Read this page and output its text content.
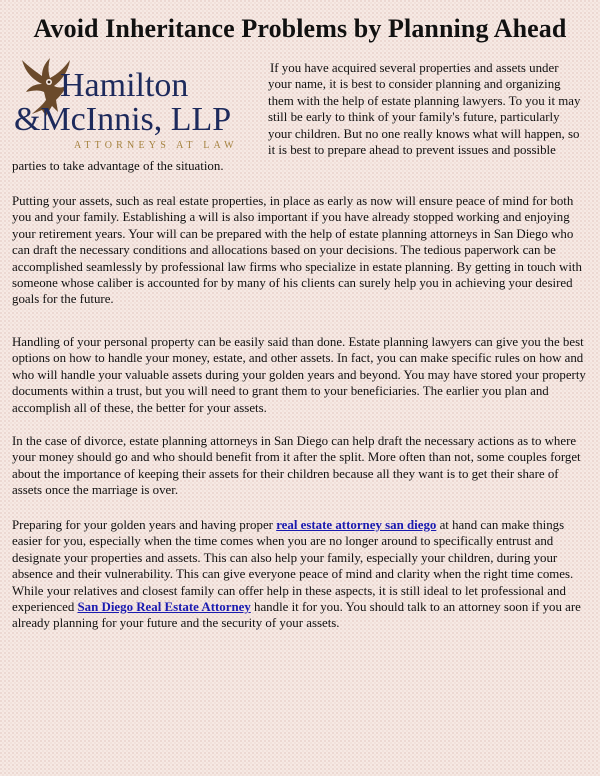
Avoid Inheritance Problems by Planning Ahead

If you have acquired several properties and assets under your name, it is best to consider planning and organizing them with the help of estate planning lawyers. To you it may still be early to think of your family's future, particularly your children. But no one really knows what will happen, so it is best to prepare ahead to prevent issues and possible parties to take advantage of the situation.

Hamilton
&McInnis, LLP
ATTORNEYS AT LAW

Putting your assets, such as real estate properties, in place as early as now will ensure peace of mind for both you and your family. Establishing a will is also important if you have already stopped working and enjoying your retirement years. Your will can be prepared with the help of estate planning attorneys in San Diego who can draft the necessary conditions and allocations based on your decisions. The tedious paperwork can be accomplished seamlessly by professional law firms who specialize in estate planning. By getting in touch with someone whose caliber is accounted for by many of his clients can surely help you in achieving your desired goals for the future.

Handling of your personal property can be easily said than done. Estate planning lawyers can give you the best options on how to handle your money, estate, and other assets. In fact, you can make specific rules on how and who will handle your valuable assets during your golden years and beyond. You may have stored your property documents within a trust, but you will need to grant them to your beneficiaries. The earlier you plan and accomplish all of these, the better for your assets.

In the case of divorce, estate planning attorneys in San Diego can help draft the necessary actions as to where your money should go and who should benefit from it after the split. More often than not, some couples forget about the importance of keeping their assets for their children because all they want is to get their share of assets once the marriage is over.

Preparing for your golden years and having proper real estate attorney san diego at hand can make things easier for you, especially when the time comes when you are no longer around to specifically entrust and designate your properties and assets. This can also help your family, especially your children, during your absence and their vulnerability. This can give everyone peace of mind and clarity when the right time comes. While your relatives and closest family can offer help in these aspects, it is still ideal to let professional and experienced San Diego Real Estate Attorney handle it for you. You should talk to an attorney soon if you are already planning for your future and the security of your assets.
